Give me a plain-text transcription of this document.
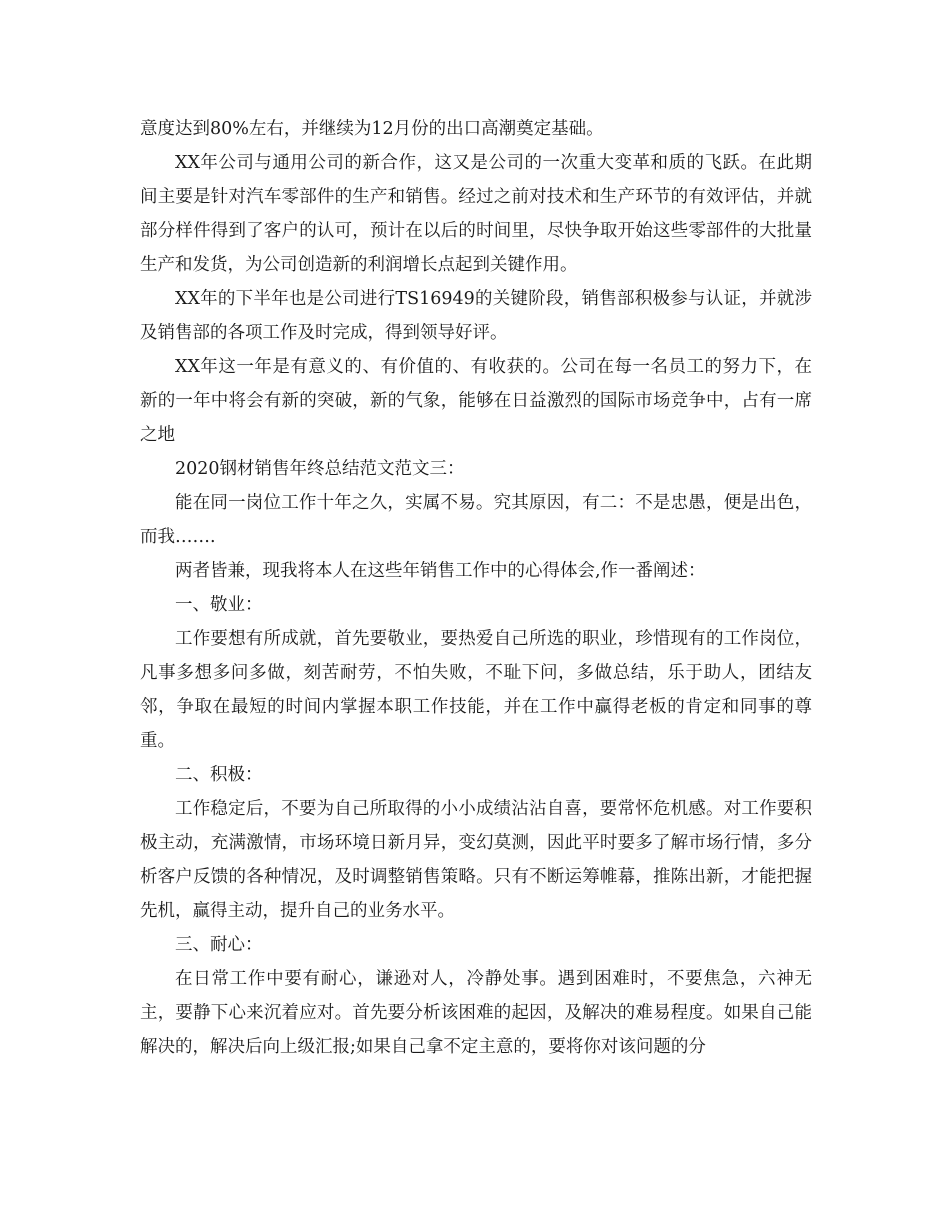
意度达到80%左右，并继续为12月份的出口高潮奠定基础。

XX年公司与通用公司的新合作，这又是公司的一次重大变革和质的飞跃。在此期间主要是针对汽车零部件的生产和销售。经过之前对技术和生产环节的有效评估，并就部分样件得到了客户的认可，预计在以后的时间里，尽快争取开始这些零部件的大批量生产和发货，为公司创造新的利润增长点起到关键作用。

XX年的下半年也是公司进行TS16949的关键阶段，销售部积极参与认证，并就涉及销售部的各项工作及时完成，得到领导好评。

XX年这一年是有意义的、有价值的、有收获的。公司在每一名员工的努力下，在新的一年中将会有新的突破，新的气象，能够在日益激烈的国际市场竞争中，占有一席之地

2020钢材销售年终总结范文范文三：

能在同一岗位工作十年之久，实属不易。究其原因，有二：不是忠愚，便是出色，而我…….

两者皆兼，现我将本人在这些年销售工作中的心得体会,作一番阐述：

一、敬业：

工作要想有所成就，首先要敬业，要热爱自己所选的职业，珍惜现有的工作岗位，凡事多想多问多做，刻苦耐劳，不怕失败，不耻下问，多做总结，乐于助人，团结友邻，争取在最短的时间内掌握本职工作技能，并在工作中赢得老板的肯定和同事的尊重。

二、积极：

工作稳定后，不要为自己所取得的小小成绩沾沾自喜，要常怀危机感。对工作要积极主动，充满激情，市场环境日新月异，变幻莫测，因此平时要多了解市场行情，多分析客户反馈的各种情况，及时调整销售策略。只有不断运筹帷幕，推陈出新，才能把握先机，赢得主动，提升自己的业务水平。

三、耐心：

在日常工作中要有耐心，谦逊对人，冷静处事。遇到困难时，不要焦急，六神无主，要静下心来沉着应对。首先要分析该困难的起因，及解决的难易程度。如果自己能解决的，解决后向上级汇报;如果自己拿不定主意的，要将你对该问题的分
